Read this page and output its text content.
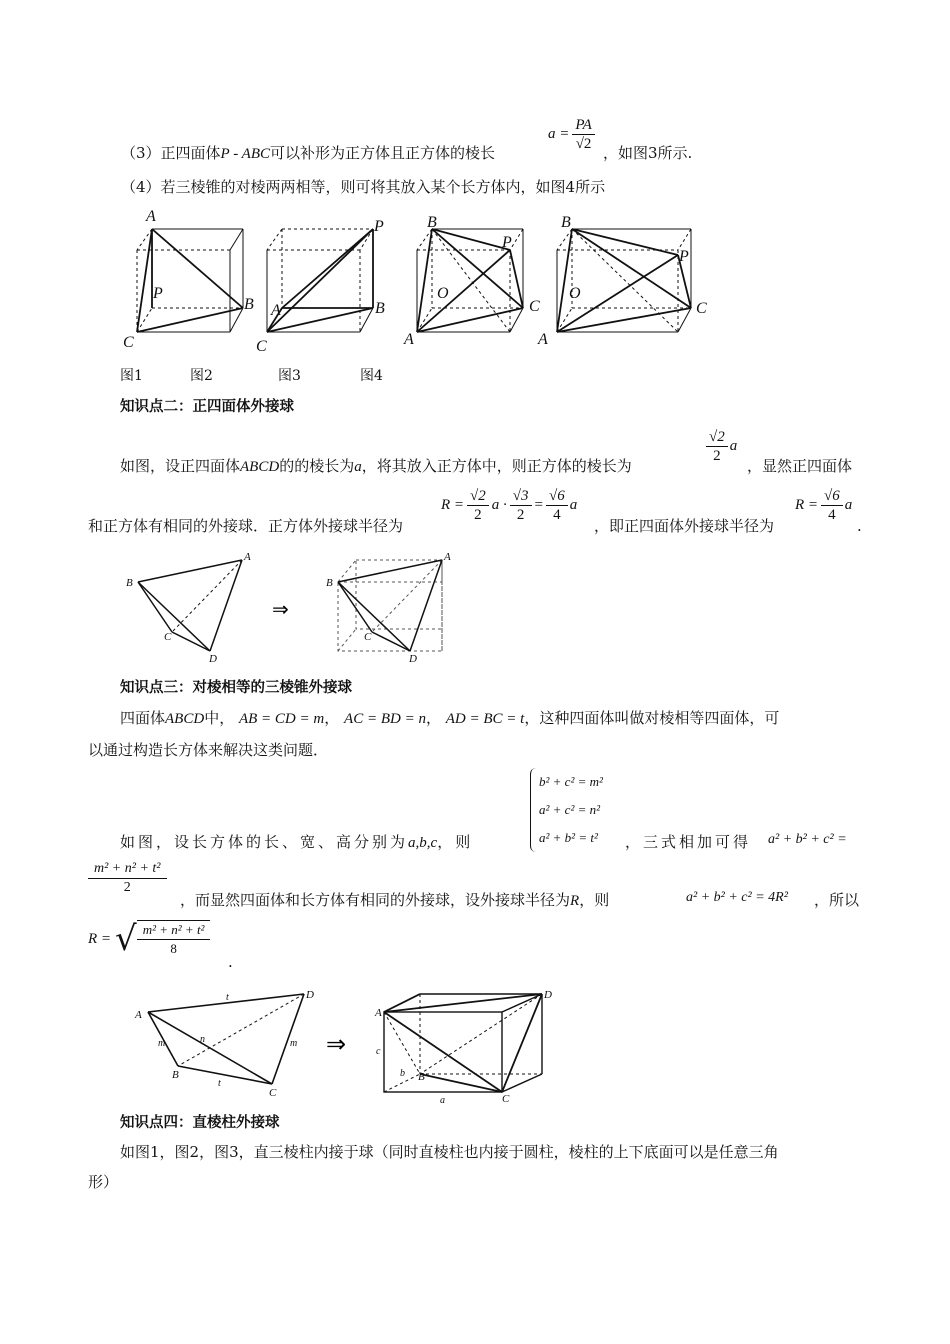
（3）正四面体P - ABC可以补形为正方体且正方体的棱长
$a = \frac{PA}{√2}$ ，如图3所示.
（4）若三棱锥的对棱两两相等，则可将其放入某个长方体内，如图4所示
A
P
B
C
P
A	B
C
B
P
O
C
A
B
P
O
C
A
图1	图2	图3	图4
知识点二：正四面体外接球
如图，设正四面体ABCD的的棱长为a，将其放入正方体中，则正方体的棱长为
$\frac{√2}{2}$ a
，显然正四面体
和正方体有相同的外接球．正方体外接球半径为
$R = \frac{√2}{2}$ $a \cdot \frac{√3}{2} = \frac{√6}{4}$ a
，即正四面体外接球半径为
$R = \frac{√6}{4}$ a
.
A
B
C
D
A
B
C
D
⇒
知识点三：对棱相等的三棱锥外接球
四面体ABCD中， AB = CD = m， AC = BD = n， AD = BC = t，这种四面体叫做对棱相等四面体，可
以通过构造长方体来解决这类问题．
b² + c² = m²
a² + c² = n²
a² + b² = t²
如图，设长方体的长、宽、高分别为a,b,c，则	，三式相加可得 a² + b² + c² =
$\frac{\text{m² + n² + t²}}{2}$
，而显然四面体和长方体有相同的外接球，设外接球半径为R，则	a² + b² + c² = 4R² ，所以
R = √ $\frac{\text{m² + n² + t²}}{8}$
.
A
B
C
D
t
n
m	m
t
⇒
A
B
C
D
c
b
a
知识点四：直棱柱外接球
如图1，图2，图3，直三棱柱内接于球（同时直棱柱也内接于圆柱，棱柱的上下底面可以是任意三角
形）
